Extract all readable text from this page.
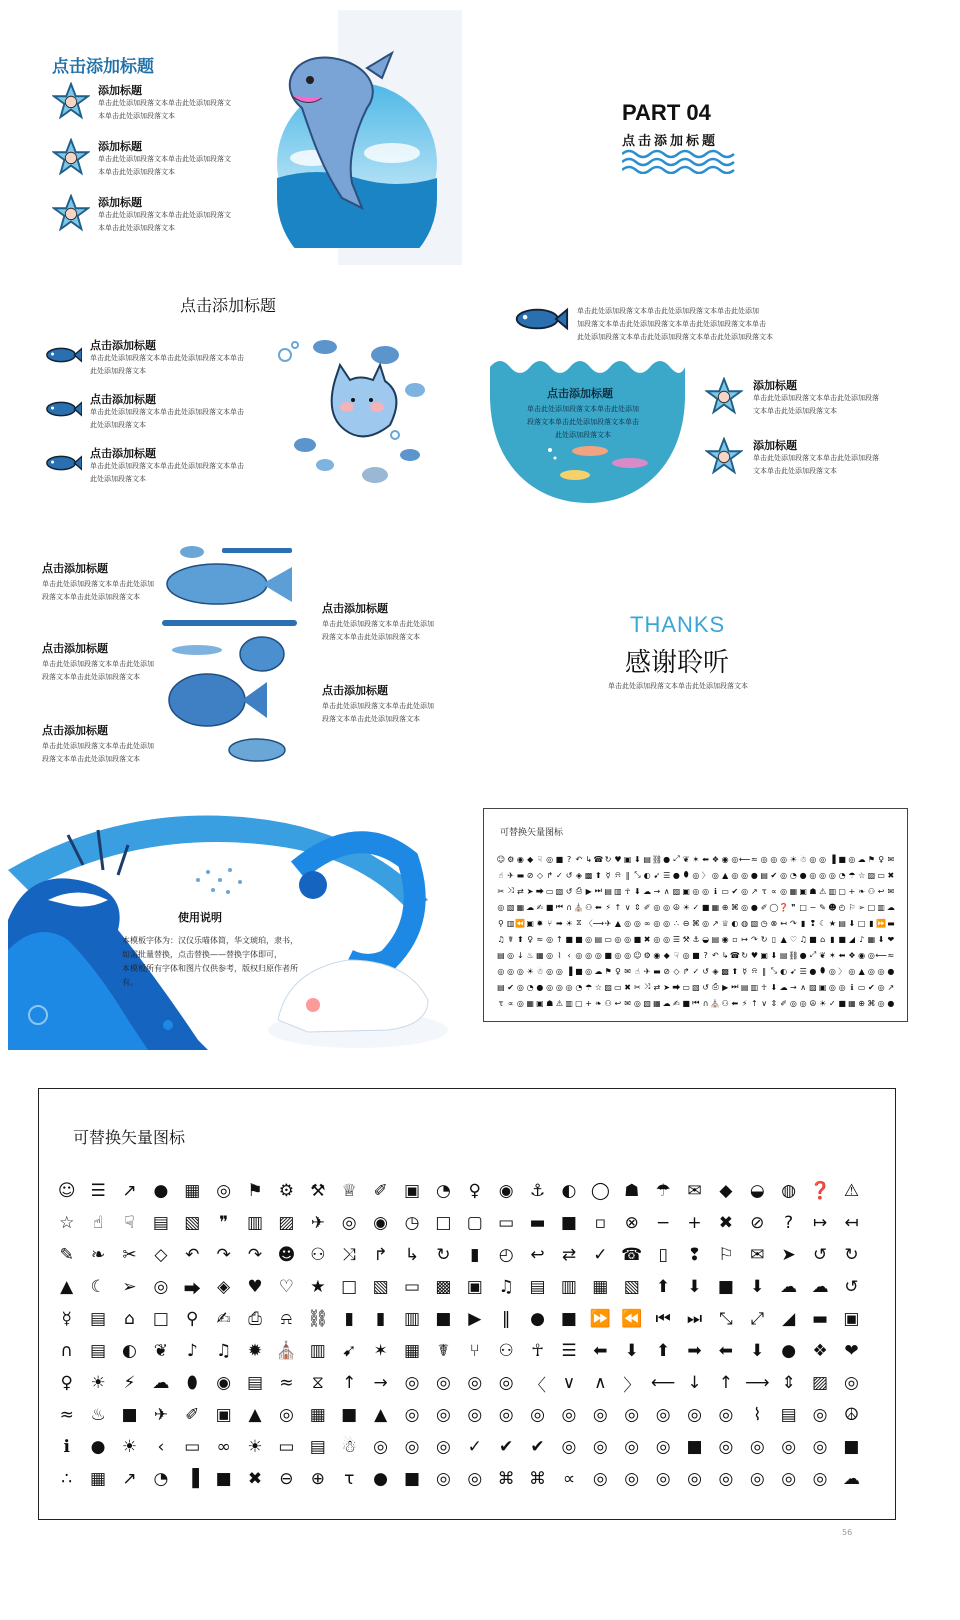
点击添加标题
添加标题
单击此处添加段落文本单击此处添加段落文
本单击此处添加段落文本
添加标题
单击此处添加段落文本单击此处添加段落文
本单击此处添加段落文本
添加标题
单击此处添加段落文本单击此处添加段落文
本单击此处添加段落文本
PART 04
点击添加标题
点击添加标题
点击添加标题
单击此处添加段落文本单击此处添加段落文本单击
此处添加段落文本
点击添加标题
单击此处添加段落文本单击此处添加段落文本单击
此处添加段落文本
点击添加标题
单击此处添加段落文本单击此处添加段落文本单击
此处添加段落文本
单击此处添加段落文本单击此处添加段落文本单击此处添加
加段落文本单击此处添加段落文本单击此处添加段落文本单击
此处添加段落文本单击此处添加段落文本单击此处添加段落文本
点击添加标题
单击此处添加段落文本单击此处添加
段落文本单击此处添加段落文本单击
此处添加段落文本
添加标题
单击此处添加段落文本单击此处添加段落
文本单击此处添加段落文本
添加标题
单击此处添加段落文本单击此处添加段落
文本单击此处添加段落文本
点击添加标题
单击此处添加段落文本单击此处添加
段落文本单击此处添加段落文本
点击添加标题
单击此处添加段落文本单击此处添加
段落文本单击此处添加段落文本
点击添加标题
单击此处添加段落文本单击此处添加
段落文本单击此处添加段落文本
点击添加标题
单击此处添加段落文本单击此处添加
段落文本单击此处添加段落文本
点击添加标题
单击此处添加段落文本单击此处添加
段落文本单击此处添加段落文本
THANKS
感谢聆听
单击此处添加段落文本单击此处添加段落文本
使用说明
本模板字体为：汉仪乐喵体简，华文琥珀，隶书，
如需批量替换，点击替换——替换字体即可，
本模板所有字体和图片仅供参考，版权归原作者所
有。
可替换矢量图标
☺ ⚙ ◉ ◆ ☟ ◎ ■ ? ↶ ↳ ☎ ↻ ♥ ▣ ⬇ ▤ ⛓ ● ⤢ ❦ ✶ ⬅ ❖ ◉ ◎ ⟵ ≈ ◎ ◎ ◎ ☀ ☃ ◎ ◎ ▐ ■ ◎ ☁ ⚑ ♀ ✉
☝ ✈ ▬ ⊘ ◇ ↱ ✓ ↺ ◈ ▩ ⬆ ☿ ⍾ ‖ ⤡ ◐ ➹ ☰ ● ⬮ ◎ 〉 ◎ ▲ ◎ ◎ ● ▤ ✔ ◎ ◔ ● ◎ ◎ ◎ ◔ ☂ ☆ ▨ ▭ ✖
✂ ⤨ ⇄ ➤ ⮕ ▭ ▧ ↺ ⎙ ▶ ⏭ ▤ ▥ ☥ ⬇ ☁ → ∧ ▨ ▣ ◎ ◎ ℹ ▭ ✔ ◎ ↗ τ ∝ ◎ ▦ ▣ ☗ ⚠ ▥ ▢ + ❧ ⚇ ↩ ✉
◎ ▧ ▦ ☁ ✍ ■ ⏮ ∩ ⛪ ⚇ ⬅ ⚡ ↑ ∨ ⇕ ✐ ◎ ◎ ☮ ☀ ✓ ■ ▦ ⊕ ⌘ ◎ ● ✐ ◯ ❓ ❞ □ − ✎ ☻ ◴ ⚐ ➢ □ ▥ ☁
⚲ ▥ ⏪ ▣ ✹ ⑂ ➡ ☀ ⧖ 〈 ⟶ ✈ ▲ ◎ ◎ ∞ ◎ ◎ ∴ ⊖ ⌘ ◎ ↗ ♕ ◐ ◍ ▧ ◷ ⊗ ↤ ↷ ▮ ❢ ☾ ★ ▤ ⬇ □ ▮ ⏩ ▬
♫ ☤ ⬆ ♀ ≈ ◎ ↑ ■ ■ ◎ ▤ ▭ ◎ ◎ ■ ✖ ◎ ◎ ☰ ⚒ ⚓ ◒ ▤ ◉ ▫ ↦ ↷ ↻ ▯ ▲ ♡ ♫ ■ ⌂ ▮ ■ ◢ ♪ ▦ ⬇ ❤
▤ ◎ ↓ ♨ ▦ ◎ ⌇ ‹ ◎ ◎ ◎ ■ ◎ ◎ ☺ ⚙ ◉ ◆ ☟ ◎ ■ ? ↶ ↳ ☎ ↻ ♥ ▣ ⬇ ▤ ⛓ ● ⤢ ❦ ✶ ⬅ ❖ ◉ ◎ ⟵ ≈
◎ ◎ ◎ ☀ ☃ ◎ ◎ ▐ ■ ◎ ☁ ⚑ ♀ ✉ ☝ ✈ ▬ ⊘ ◇ ↱ ✓ ↺ ◈ ▩ ⬆ ☿ ⍾ ‖ ⤡ ◐ ➹ ☰ ● ⬮ ◎ 〉 ◎ ▲ ◎ ◎ ●
▤ ✔ ◎ ◔ ● ◎ ◎ ◎ ◔ ☂ ☆ ▨ ▭ ✖ ✂ ⤨ ⇄ ➤ ⮕ ▭ ▧ ↺ ⎙ ▶ ⏭ ▤ ▥ ☥ ⬇ ☁ → ∧ ▨ ▣ ◎ ◎ ℹ ▭ ✔ ◎ ↗
τ ∝ ◎ ▦ ▣ ☗ ⚠ ▥ ▢ + ❧ ⚇ ↩ ✉ ◎ ▧ ▦ ☁ ✍ ■ ⏮ ∩ ⛪ ⚇ ⬅ ⚡ ↑ ∨ ⇕ ✐ ◎ ◎ ☮ ☀ ✓ ■ ▦ ⊕ ⌘ ◎ ●
可替换矢量图标
☺ ☰ ↗ ● ▦ ◎ ⚑ ⚙ ⚒ ♕ ✐ ▣ ◔	♀	◉ ⚓ ◐ ◯ ☗ ☂ ✉	◆	◒ ◍ ❓ ⚠
☆	☝	☟	▤ ▧	❞	▥ ▨ ✈ ◎ ◉ ◷ □ ▢ ▭ ▬ ■	▫	⊗	−	+	✖	⊘	?	↦	↤
✎	❧	✂	◇	↶	↷	↷ ☻ ⚇ ⤨	↱	↳	↻	▮	◴ ↩	⇄	✓ ☎ ▯	❢ ⚐ ✉	➤	↺	↻
▲	☾ ➢ ◎ ⮕ ◈	♥ ♡ ★ □ ▧ ▭ ▩ ▣ ♫ ▤ ▥ ▦ ▧ ⬆	⬇ ■ ⬇ ☁ ☁ ↺
☿	▤	⌂	□	⚲	✍	⎙	⍾ ⛓ ▮	▮	▥ ■ ▶	‖	● ■ ⏩ ⏪ ⏮ ⏭ ⤡	⤢	◢ ▬ ▣
∩	▤ ◐ ❦	♪	♫ ✹ ⛪ ▥ ➹	✶ ▦	☤	⑂	⚇	☥	☰ ⬅	⬇	⬆	➡	⬅	⬇ ● ❖ ❤
♀	☀	⚡ ☁	⬮	◉ ▤ ≈	⧖	↑	→ ◎ ◎ ◎ ◎ 〈 ∨	∧ 〉 ⟵ ↓	↑ ⟶ ⇕ ▨ ◎
≈ ♨ ■ ✈	✐ ▣ ▲	◎ ▦ ■ ▲	◎ ◎ ◎ ◎ ◎ ◎ ◎ ◎ ◎ ◎ ◎	⌇	▤ ◎ ☮
ℹ	● ☀	‹	▭ ∞ ☀ ▭ ▤ ☃ ◎ ◎ ◎ ✓	✔	✔ ◎ ◎ ◎ ◎ ■ ◎ ◎ ◎ ◎ ■
∴	▦ ↗ ◔	▐ ■ ✖	⊖	⊕	τ	● ■ ◎ ◎ ⌘ ⌘ ∝	◎ ◎ ◎ ◎ ◎ ◎ ◎ ◎ ☁
56
